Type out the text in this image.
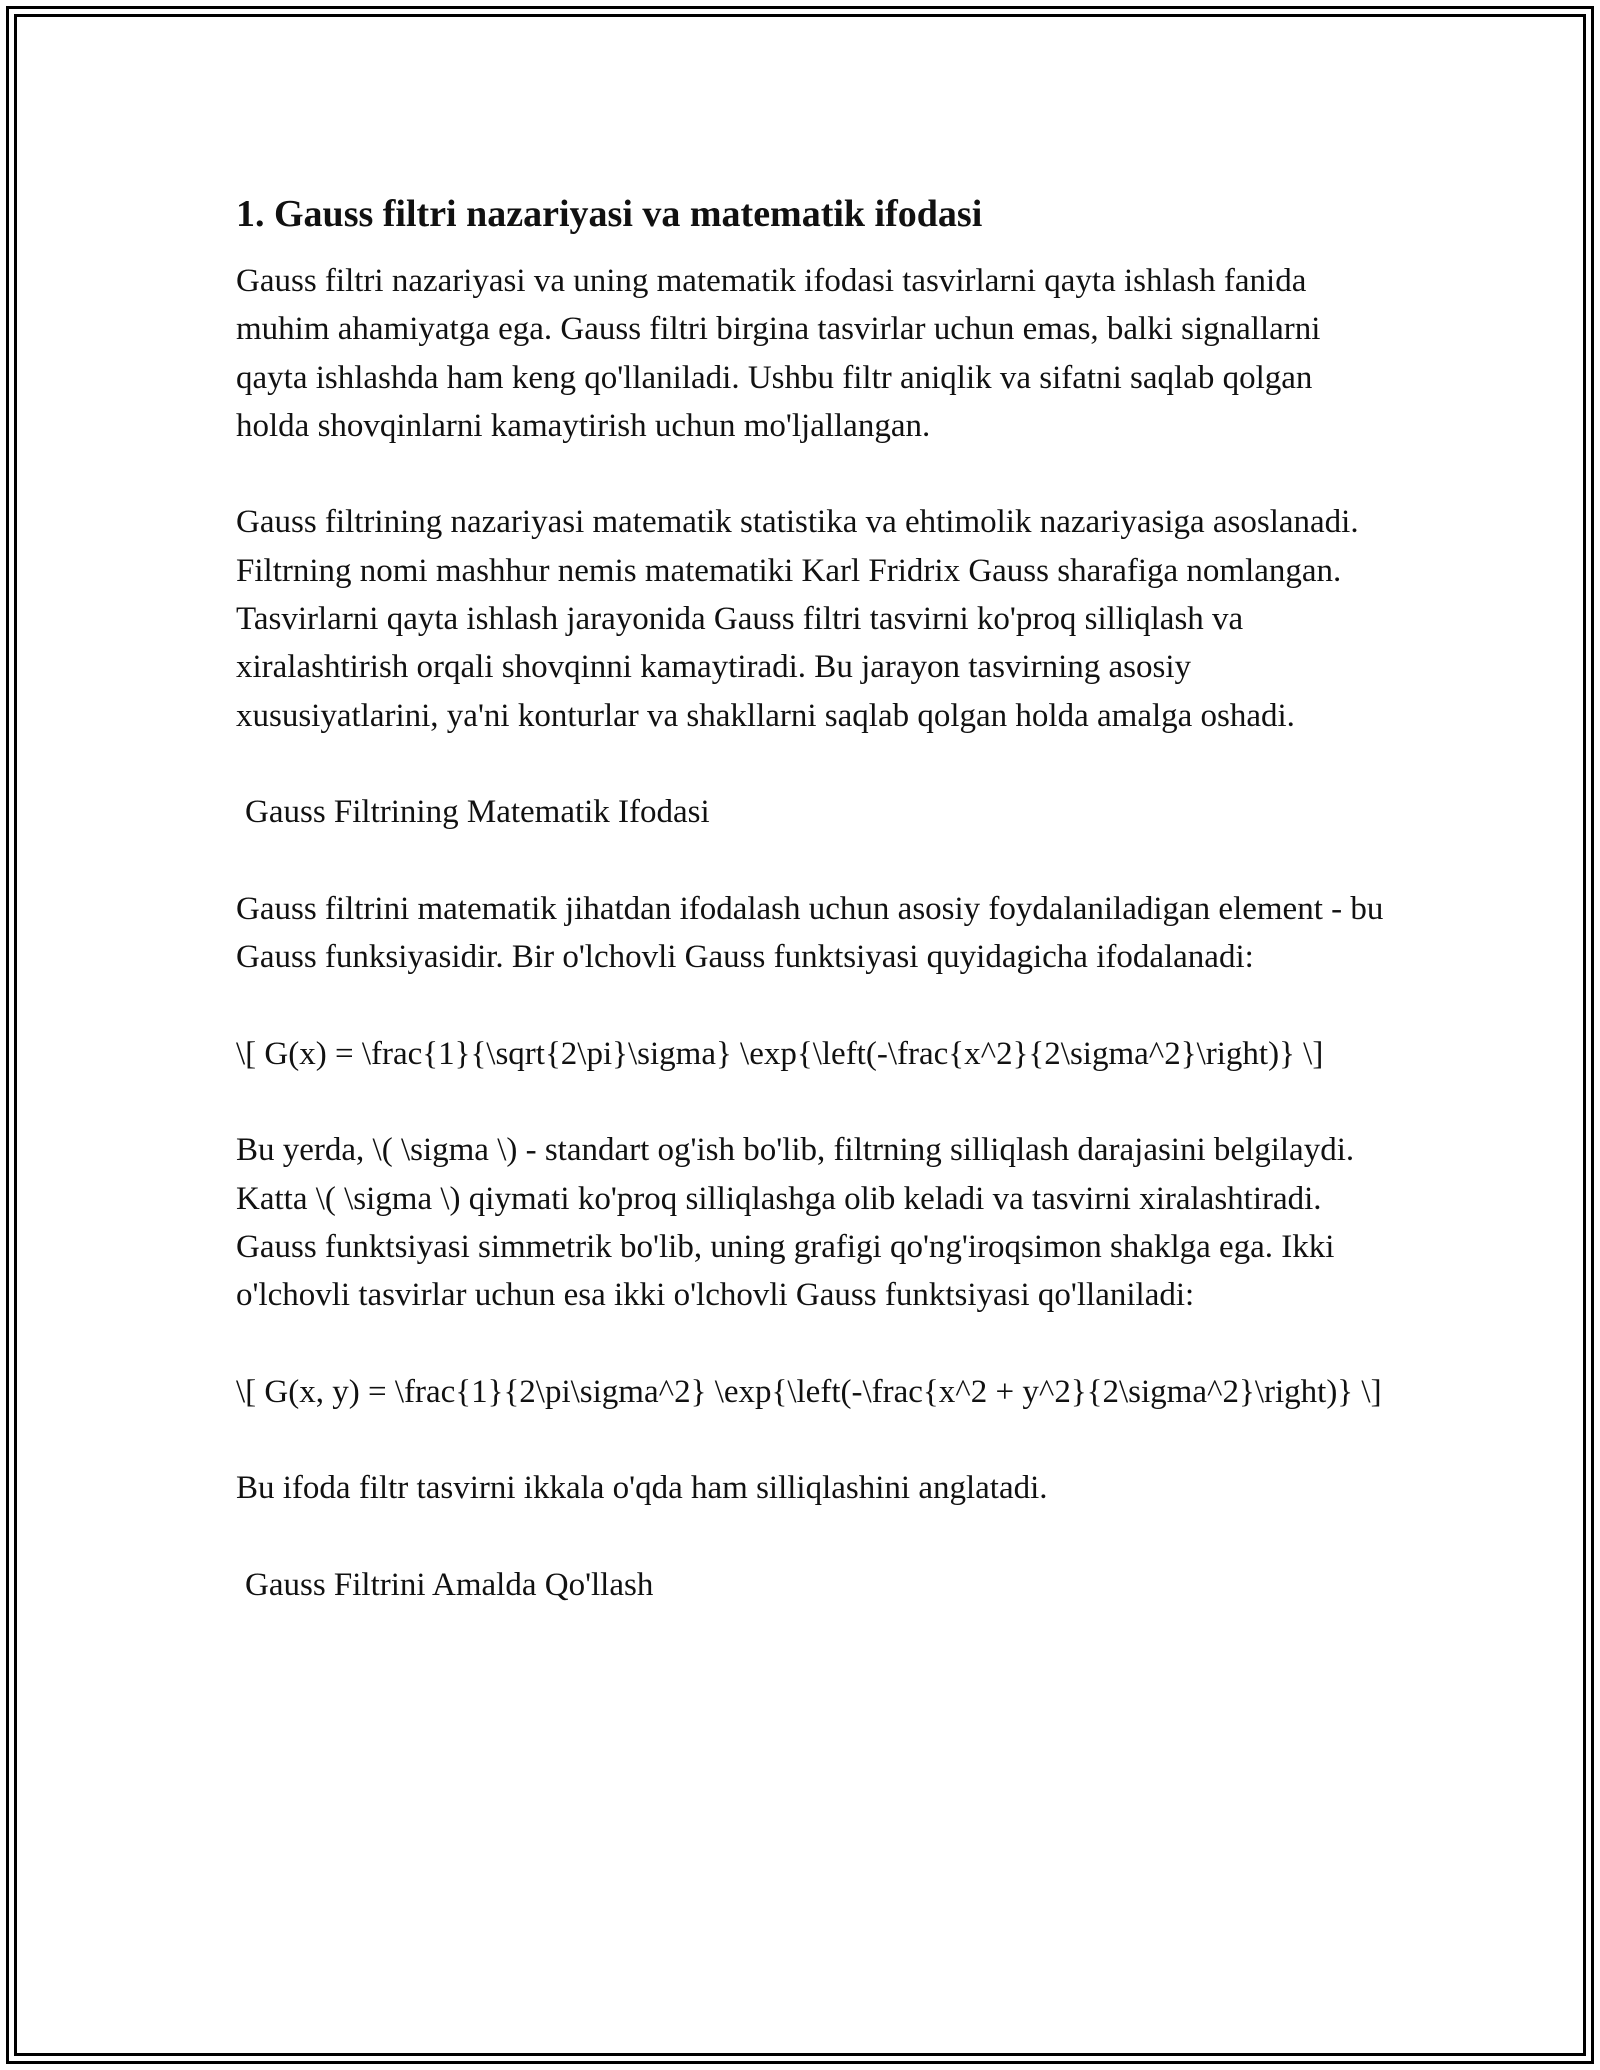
1. Gauss filtri nazariyasi va matematik ifodasi

Gauss filtri nazariyasi va uning matematik ifodasi tasvirlarni qayta ishlash fanida muhim ahamiyatga ega. Gauss filtri birgina tasvirlar uchun emas, balki signallarni qayta ishlashda ham keng qo'llaniladi. Ushbu filtr aniqlik va sifatni saqlab qolgan holda shovqinlarni kamaytirish uchun mo'ljallangan.

Gauss filtrining nazariyasi matematik statistika va ehtimolik nazariyasiga asoslanadi. Filtrning nomi mashhur nemis matematiki Karl Fridrix Gauss sharafiga nomlangan. Tasvirlarni qayta ishlash jarayonida Gauss filtri tasvirni ko'proq silliqlash va xiralashtirish orqali shovqinni kamaytiradi. Bu jarayon tasvirning asosiy xususiyatlarini, ya'ni konturlar va shakllarni saqlab qolgan holda amalga oshadi.

Gauss Filtrining Matematik Ifodasi

Gauss filtrini matematik jihatdan ifodalash uchun asosiy foydalaniladigan element - bu Gauss funksiyasidir. Bir o'lchovli Gauss funktsiyasi quyidagicha ifodalanadi:

\[ G(x) = \frac{1}{\sqrt{2\pi}\sigma} \exp{\left(-\frac{x^2}{2\sigma^2}\right)} \]

Bu yerda, \( \sigma \) - standart og'ish bo'lib, filtrning silliqlash darajasini belgilaydi. Katta \( \sigma \) qiymati ko'proq silliqlashga olib keladi va tasvirni xiralashtiradi. Gauss funktsiyasi simmetrik bo'lib, uning grafigi qo'ng'iroqsimon shaklga ega. Ikki o'lchovli tasvirlar uchun esa ikki o'lchovli Gauss funktsiyasi qo'llaniladi:

\[ G(x, y) = \frac{1}{2\pi\sigma^2} \exp{\left(-\frac{x^2 + y^2}{2\sigma^2}\right)} \]

Bu ifoda filtr tasvirni ikkala o'qda ham silliqlashini anglatadi.

Gauss Filtrini Amalda Qo'llash
